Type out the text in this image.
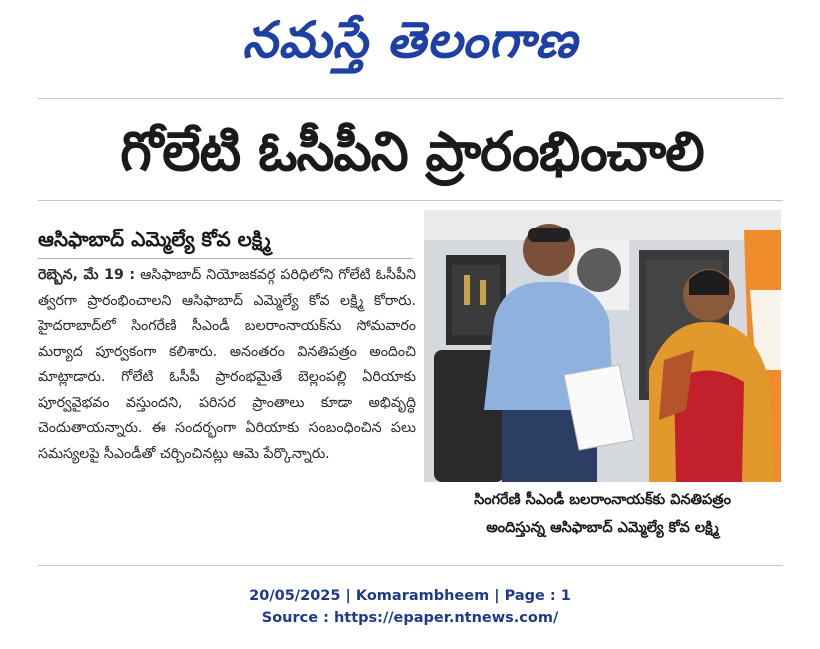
నమస్తే తెలంగాణ
గోలేటి ఓసీపీని ప్రారంభించాలి
ఆసిఫాబాద్ ఎమ్మెల్యే కోవ లక్ష్మి
రెబ్బెన, మే 19 : ఆసిఫాబాద్ నియోజకవర్గ పరిధిలోని గోలేటి ఓసీపీని త్వరగా ప్రారంభించాలని ఆసిఫాబాద్ ఎమ్మెల్యే కోవ లక్ష్మి కోరారు. హైదరాబాద్‌లో సింగరేణి సీఎండీ బలరాంనాయక్‌ను సోమవారం మర్యాద పూర్వకంగా కలిశారు. అనంతరం వినతిపత్రం అందించి మాట్లాడారు. గోలేటి ఓసీపీ ప్రారంభమైతే బెల్లంపల్లి ఏరియాకు పూర్వవైభవం వస్తుందని, పరిసర ప్రాంతాలు కూడా అభివృద్ధి చెందుతాయన్నారు. ఈ సందర్భంగా ఏరియాకు సంబంధించిన పలు సమస్యలపై సీఎండీతో చర్చించినట్లు ఆమె పేర్కొన్నారు.
సింగరేణి సీఎండీ బలరాంనాయక్‌కు వినతిపత్రం
అందిస్తున్న ఆసిఫాబాద్ ఎమ్మెల్యే కోవ లక్ష్మి
20/05/2025 | Komarambheem | Page : 1
Source : https://epaper.ntnews.com/
